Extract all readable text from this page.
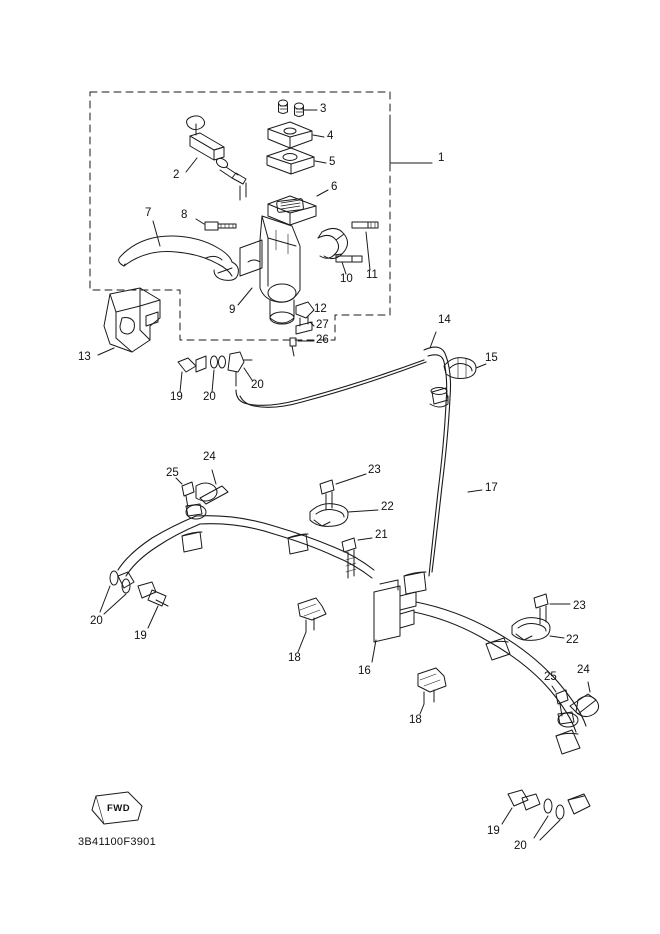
1
2
3
4
5
6
7	8
9
10 11
12
13
14
15
16
17
18
18
19
19
19
20
20
20
20
21
22
22
23
23
24
24
25
25
26
27
FWD
3B41100F3901
